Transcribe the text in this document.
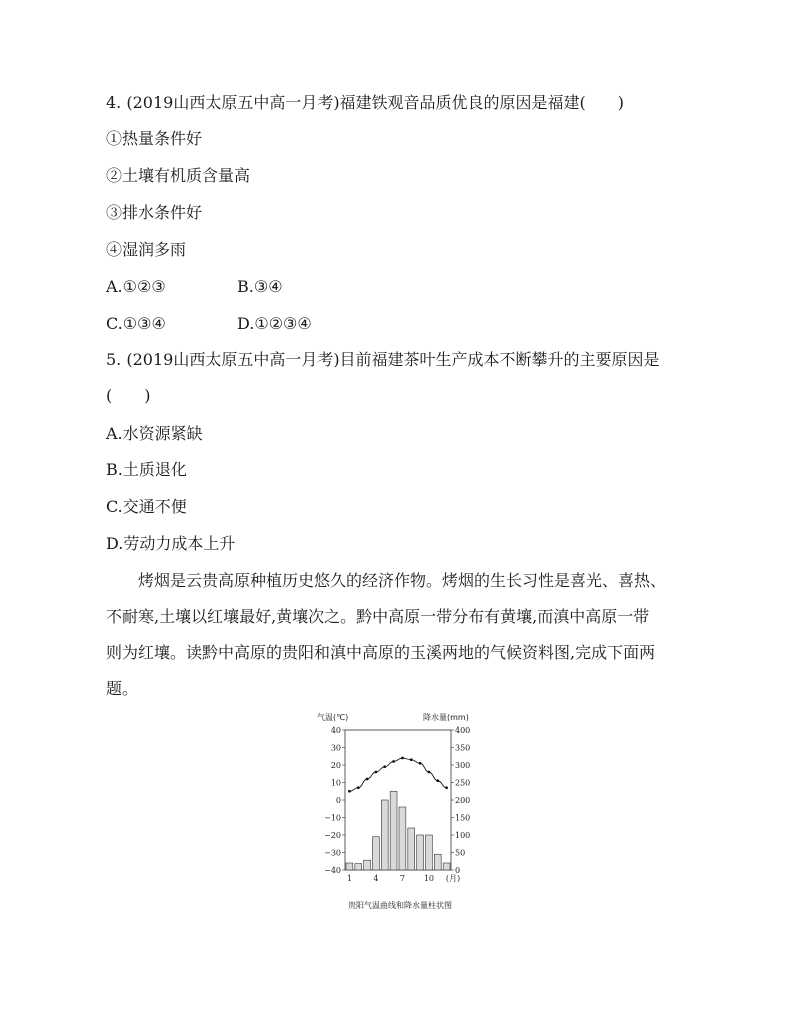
4. (2019山西太原五中高一月考)福建铁观音品质优良的原因是福建(　　)
①热量条件好
②土壤有机质含量高
③排水条件好
④湿润多雨
A.①②③	B.③④
C.①③④	D.①②③④
5. (2019山西太原五中高一月考)目前福建茶叶生产成本不断攀升的主要原因是
(　　)
A.水资源紧缺
B.土质退化
C.交通不便
D.劳动力成本上升
　　烤烟是云贵高原种植历史悠久的经济作物。烤烟的生长习性是喜光、喜热、
不耐寒,土壤以红壤最好,黄壤次之。黔中高原一带分布有黄壤,而滇中高原一带
则为红壤。读黔中高原的贵阳和滇中高原的玉溪两地的气候资料图,完成下面两
题。
40
30
20
10
0
−10
−20
−30
−40
400
350
300
250
200
150
100
50
0
1	4	7 10 (月)
气温(℃)	降水量(mm)
贵阳气温曲线和降水量柱状图
